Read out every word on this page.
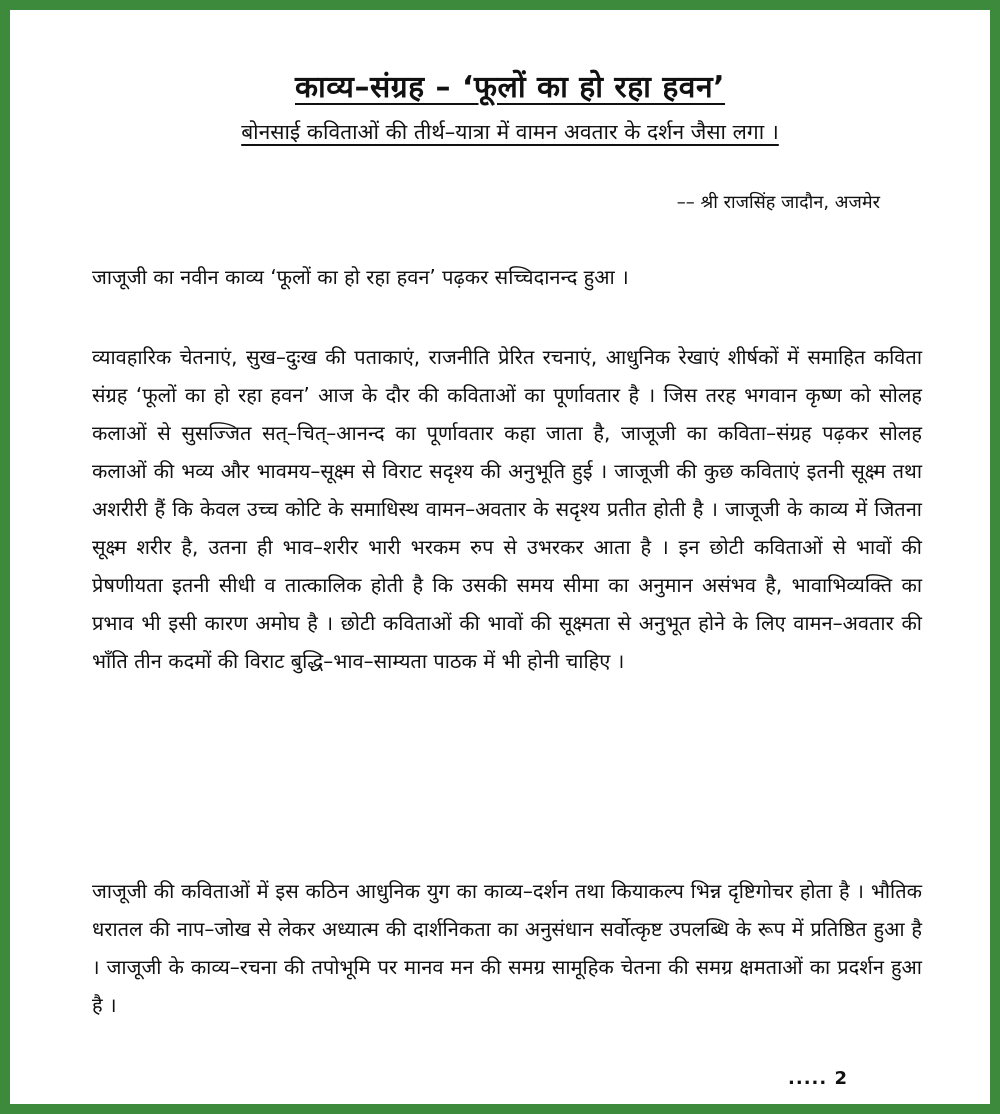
काव्य–संग्रह – ‘फूलों का हो रहा हवन’
बोनसाई कविताओं की तीर्थ–यात्रा में वामन अवतार के दर्शन जैसा लगा ।
–– श्री राजसिंह जादौन, अजमेर
जाजूजी का नवीन काव्य ‘फूलों का हो रहा हवन’ पढ़कर सच्चिदानन्द हुआ ।
व्यावहारिक चेतनाएं, सुख–दुःख की पताकाएं, राजनीति प्रेरित रचनाएं, आधुनिक रेखाएं शीर्षकों में समाहित कविता संग्रह ‘फूलों का हो रहा हवन’ आज के दौर की कविताओं का पूर्णावतार है । जिस तरह भगवान कृष्ण को सोलह कलाओं से सुसज्जित सत्–चित्–आनन्द का पूर्णावतार कहा जाता है, जाजूजी का कविता–संग्रह पढ़कर सोलह कलाओं की भव्य और भावमय–सूक्ष्म से विराट सदृश्य की अनुभूति हुई । जाजूजी की कुछ कविताएं इतनी सूक्ष्म तथा अशरीरी हैं कि केवल उच्च कोटि के समाधिस्थ वामन–अवतार के सदृश्य प्रतीत होती है । जाजूजी के काव्य में जितना सूक्ष्म शरीर है, उतना ही भाव–शरीर भारी भरकम रुप से उभरकर आता है । इन छोटी कविताओं से भावों की प्रेषणीयता इतनी सीधी व तात्कालिक होती है कि उसकी समय सीमा का अनुमान असंभव है, भावाभिव्यक्ति का प्रभाव भी इसी कारण अमोघ है । छोटी कविताओं की भावों की सूक्ष्मता से अनुभूत होने के लिए वामन–अवतार की भाँति तीन कदमों की विराट बुद्धि–भाव–साम्यता पाठक में भी होनी चाहिए ।
जाजूजी की कविताओं में इस कठिन आधुनिक युग का काव्य–दर्शन तथा कियाकल्प भिन्न दृष्टिगोचर होता है । भौतिक धरातल की नाप–जोख से लेकर अध्यात्म की दार्शनिकता का अनुसंधान सर्वोत्कृष्ट उपलब्धि के रूप में प्रतिष्ठित हुआ है । जाजूजी के काव्य–रचना की तपोभूमि पर मानव मन की समग्र सामूहिक चेतना की समग्र क्षमताओं का प्रदर्शन हुआ है ।
..... 2
